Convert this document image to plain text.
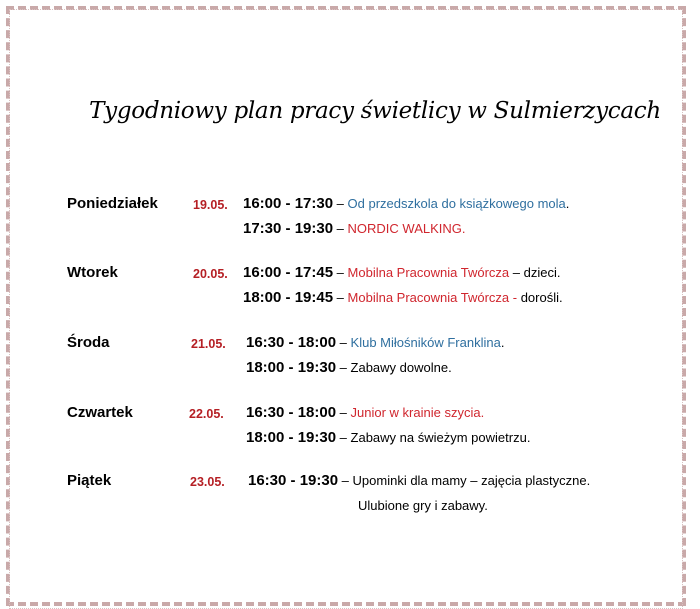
Tygodniowy plan pracy świetlicy w Sulmierzycach
Poniedziałek	19.05. 16:00 - 17:30 – Od przedszkola do książkowego mola.
17:30 - 19:30 – NORDIC WALKING.
Wtorek	20.05. 16:00 - 17:45 – Mobilna Pracownia Twórcza – dzieci.
18:00 - 19:45 – Mobilna Pracownia Twórcza - dorośli.
Środa	21.05. 16:30 - 18:00 – Klub Miłośników Franklina.
18:00 - 19:30 – Zabawy dowolne.
Czwartek	22.05. 16:30 - 18:00 – Junior w krainie szycia.
18:00 - 19:30 – Zabawy na świeżym powietrzu.
Piątek	23.05. 16:30 - 19:30 – Upominki dla mamy – zajęcia plastyczne.
Ulubione gry i zabawy.
